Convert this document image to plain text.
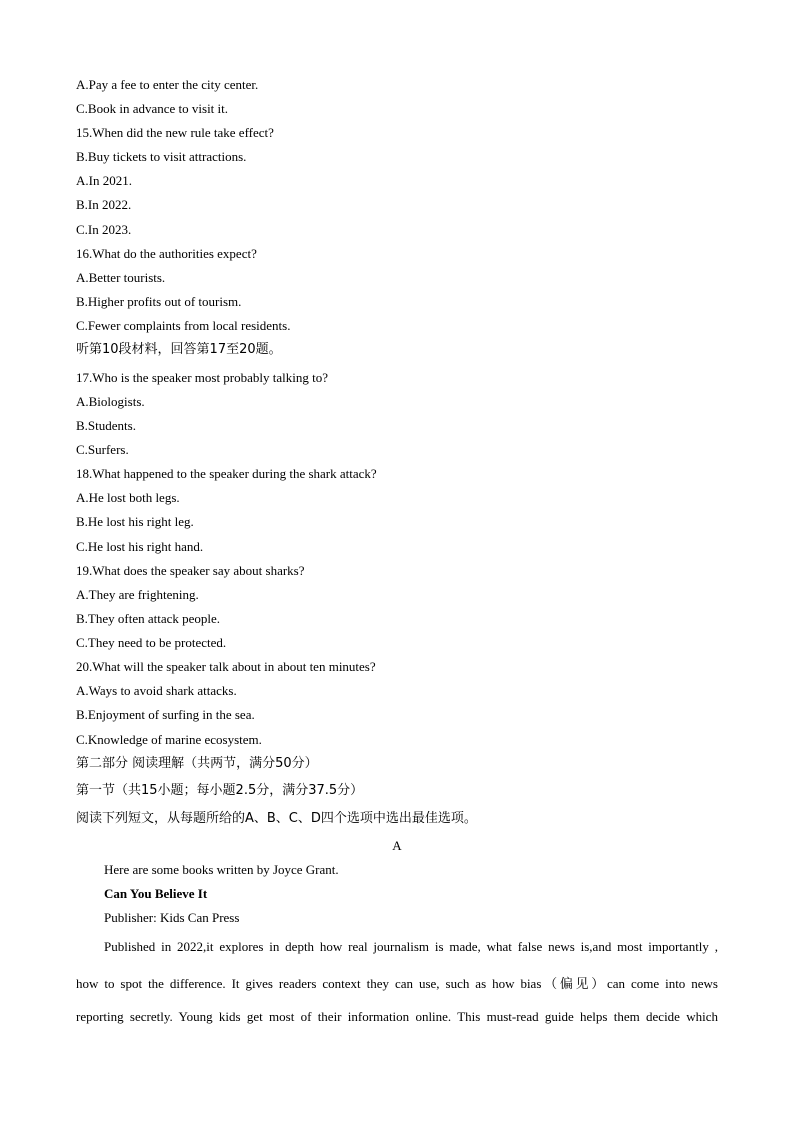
A.Pay a fee to enter the city center.
C.Book in advance to visit it.
15.When did the new rule take effect?
B.Buy tickets to visit attractions.
A.In 2021.
B.In 2022.
C.In 2023.
16.What do the authorities expect?
A.Better tourists.
B.Higher profits out of tourism.
C.Fewer complaints from local residents.
听第10段材料，回答第17至20题。
17.Who is the speaker most probably talking to?
A.Biologists.
B.Students.
C.Surfers.
18.What happened to the speaker during the shark attack?
A.He lost both legs.
B.He lost his right leg.
C.He lost his right hand.
19.What does the speaker say about sharks?
A.They are frightening.
B.They often attack people.
C.They need to be protected.
20.What will the speaker talk about in about ten minutes?
A.Ways to avoid shark attacks.
B.Enjoyment of surfing in the sea.
C.Knowledge of marine ecosystem.
第二部分 阅读理解（共两节，满分50分）
第一节（共15小题；每小题2.5分，满分37.5分）
阅读下列短文，从每题所给的A、B、C、D四个选项中选出最佳选项。
A
Here are some books written by Joyce Grant.
Can You Believe It
Publisher: Kids Can Press
Published in 2022,it explores in depth how real journalism is made, what false news is,and most importantly ,
how to spot the difference. It gives readers context they can use, such as how bias（偏见）can come into news
reporting secretly. Young kids get most of their information online. This must-read guide helps them decide which
